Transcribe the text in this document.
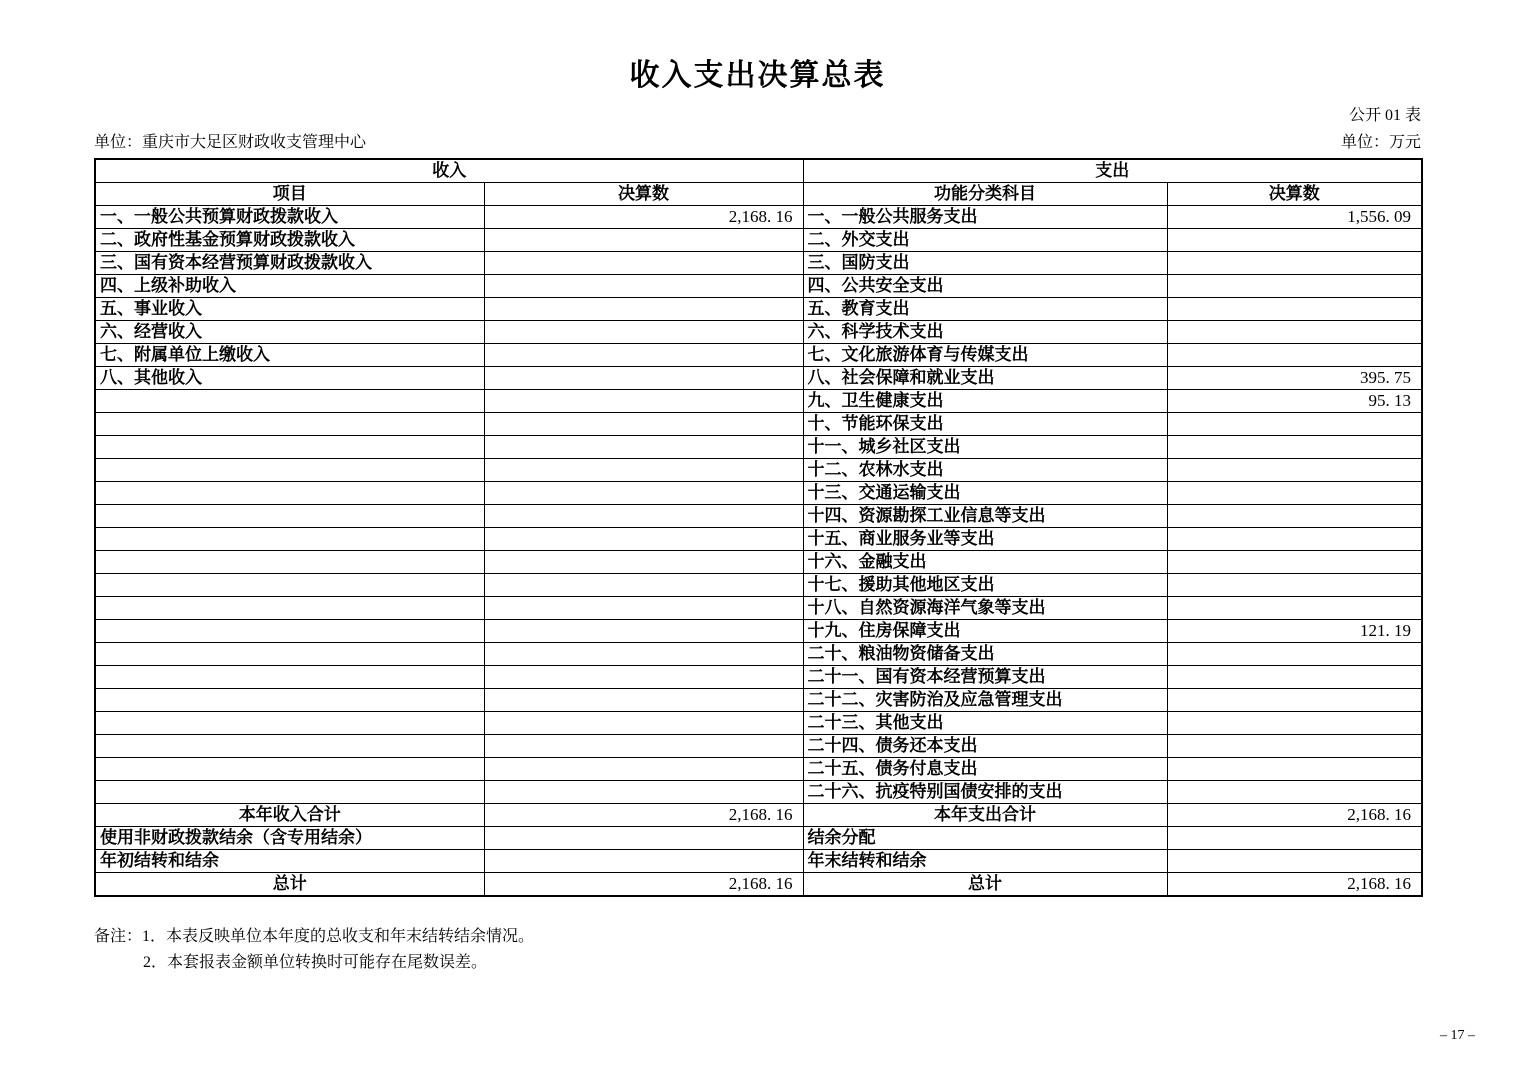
收入支出决算总表
公开 01 表
单位：重庆市大足区财政收支管理中心	单位：万元
收入		支出	
项目	决算数	功能分类科目	决算数
一、一般公共预算财政拨款收入	2,168. 16	一、一般公共服务支出	1,556. 09
二、政府性基金预算财政拨款收入		二、外交支出	
三、国有资本经营预算财政拨款收入		三、国防支出	
四、上级补助收入		四、公共安全支出	
五、事业收入		五、教育支出	
六、经营收入		六、科学技术支出	
七、附属单位上缴收入		七、文化旅游体育与传媒支出	
八、其他收入		八、社会保障和就业支出	395. 75
		九、卫生健康支出	95. 13
		十、节能环保支出	
		十一、城乡社区支出	
		十二、农林水支出	
		十三、交通运输支出	
		十四、资源勘探工业信息等支出	
		十五、商业服务业等支出	
		十六、金融支出	
		十七、援助其他地区支出	
		十八、自然资源海洋气象等支出	
		十九、住房保障支出	121. 19
		二十、粮油物资储备支出	
		二十一、国有资本经营预算支出	
		二十二、灾害防治及应急管理支出	
		二十三、其他支出	
		二十四、债务还本支出	
		二十五、债务付息支出	
		二十六、抗疫特别国债安排的支出	
本年收入合计	2,168. 16	本年支出合计	2,168. 16
使用非财政拨款结余（含专用结余）		结余分配	
年初结转和结余		年末结转和结余	
总计	2,168. 16	总计	2,168. 16
备注：1．本表反映单位本年度的总收支和年末结转结余情况。
2．本套报表金额单位转换时可能存在尾数误差。
– 17 –
